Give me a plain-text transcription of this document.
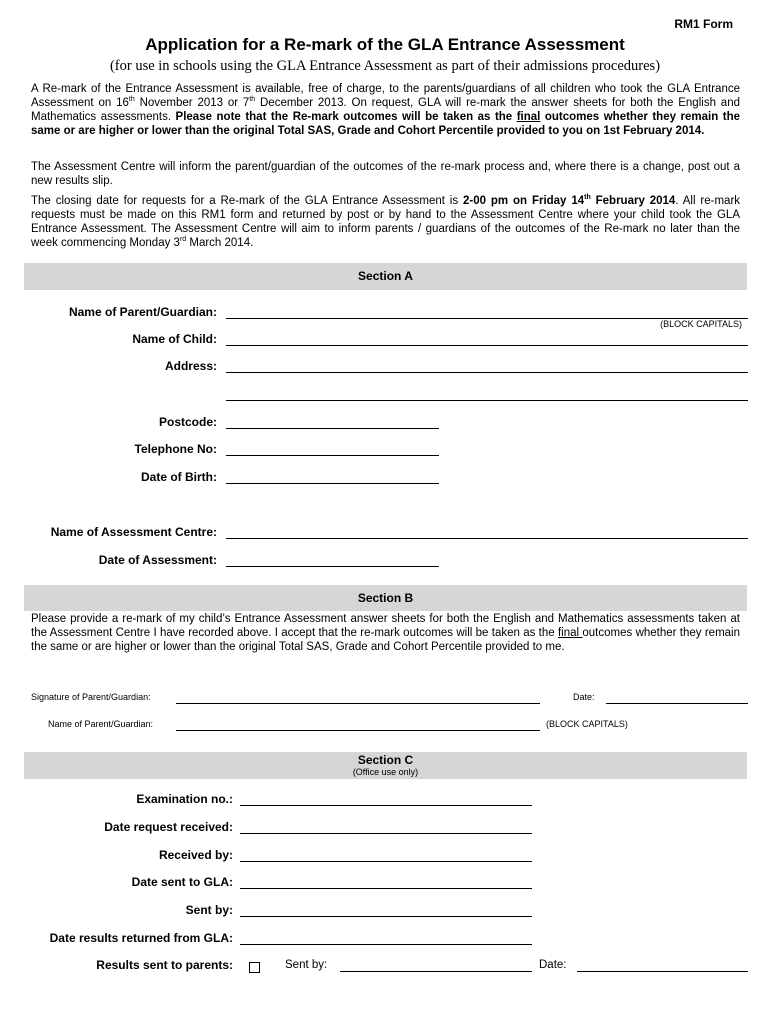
RM1 Form
Application for a Re-mark of the GLA Entrance Assessment
(for use in schools using the GLA Entrance Assessment as part of their admissions procedures)
A Re-mark of the Entrance Assessment is available, free of charge, to the parents/guardians of all children who took the GLA Entrance Assessment on 16th November 2013 or 7th December 2013. On request, GLA will re-mark the answer sheets for both the English and Mathematics assessments. Please note that the Re-mark outcomes will be taken as the final outcomes whether they remain the same or are higher or lower than the original Total SAS, Grade and Cohort Percentile provided to you on 1st February 2014.
The Assessment Centre will inform the parent/guardian of the outcomes of the re-mark process and, where there is a change, post out a new results slip.
The closing date for requests for a Re-mark of the GLA Entrance Assessment is 2-00 pm on Friday 14th February 2014. All re-mark requests must be made on this RM1 form and returned by post or by hand to the Assessment Centre where your child took the GLA Entrance Assessment. The Assessment Centre will aim to inform parents / guardians of the outcomes of the Re-mark no later than the week commencing Monday 3rd March 2014.
Section A
Name of Parent/Guardian:
(BLOCK CAPITALS)
Name of Child:
Address:
Postcode:
Telephone No:
Date of Birth:
Name of Assessment Centre:
Date of Assessment:
Section B
Please provide a re-mark of my child’s Entrance Assessment answer sheets for both the English and Mathematics assessments taken at the Assessment Centre I have recorded above. I accept that the re-mark outcomes will be taken as the final outcomes whether they remain the same or are higher or lower than the original Total SAS, Grade and Cohort Percentile provided to me.
Signature of Parent/Guardian:	Date:
Name of Parent/Guardian:	(BLOCK CAPITALS)
Section C
(Office use only)
Examination no.:
Date request received:
Received by:
Date sent to GLA:
Sent by:
Date results returned from GLA:
Results sent to parents:	Sent by:	Date:
